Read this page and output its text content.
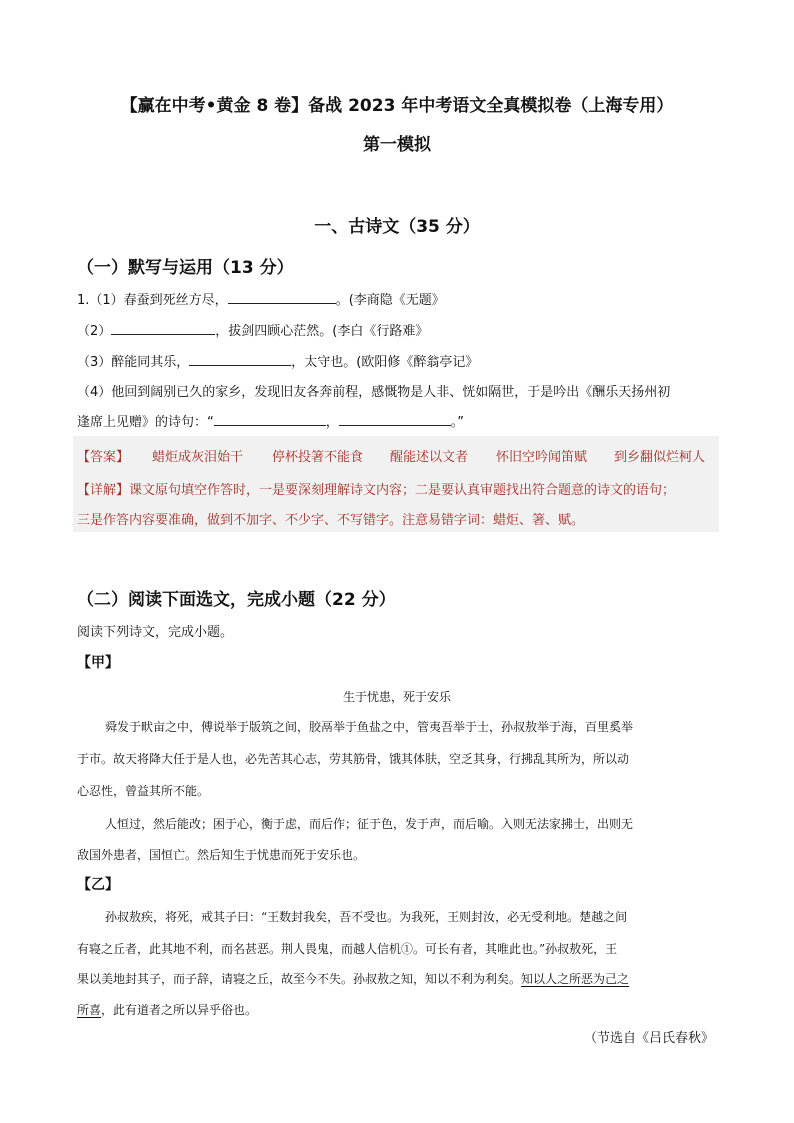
【赢在中考•黄金 8 卷】备战 2023 年中考语文全真模拟卷（上海专用）
第一模拟
一、古诗文（35 分）
（一）默写与运用（13 分）
1.（1）春蚕到死丝方尽，	。(李商隐《无题》
（2）	，拔剑四顾心茫然。(李白《行路难》
（3）醉能同其乐，	，太守也。(欧阳修《醉翁亭记》
（4）他回到阔别已久的家乡，发现旧友各奔前程，感慨物是人非、恍如隔世，于是吟出《酬乐天扬州初
逢席上见赠》的诗句：“	，	。”
【答案】 蜡炬成灰泪始干 停杯投箸不能食 醒能述以文者 怀旧空吟闻笛赋 到乡翻似烂柯人
【详解】课文原句填空作答时，一是要深刻理解诗文内容；二是要认真审题找出符合题意的诗文的语句；
三是作答内容要准确，做到不加字、不少字、不写错字。注意易错字词：蜡炬、箸、赋。
（二）阅读下面选文，完成小题（22 分）
阅读下列诗文，完成小题。
【甲】
生于忧患，死于安乐
舜发于畎亩之中，傅说举于版筑之间，胶鬲举于鱼盐之中，管夷吾举于士，孙叔敖举于海，百里奚举
于市。故天将降大任于是人也，必先苦其心志，劳其筋骨，饿其体肤，空乏其身，行拂乱其所为，所以动
心忍性，曾益其所不能。
人恒过，然后能改；困于心，衡于虑，而后作；征于色，发于声，而后喻。入则无法家拂士，出则无
敌国外患者，国恒亡。然后知生于忧患而死于安乐也。
【乙】
孙叔敖疾，将死，戒其子曰：“王数封我矣，吾不受也。为我死，王则封汝，必无受利地。楚越之间
有寝之丘者，此其地不利，而名甚恶。荆人畏鬼，而越人信机①。可长有者，其唯此也。”孙叔敖死，王
果以美地封其子，而子辞，请寝之丘，故至今不失。孙叔敖之知，知以不利为利矣。知以人之所恶为己之
所喜，此有道者之所以异乎俗也。
（节选自《吕氏春秋》
